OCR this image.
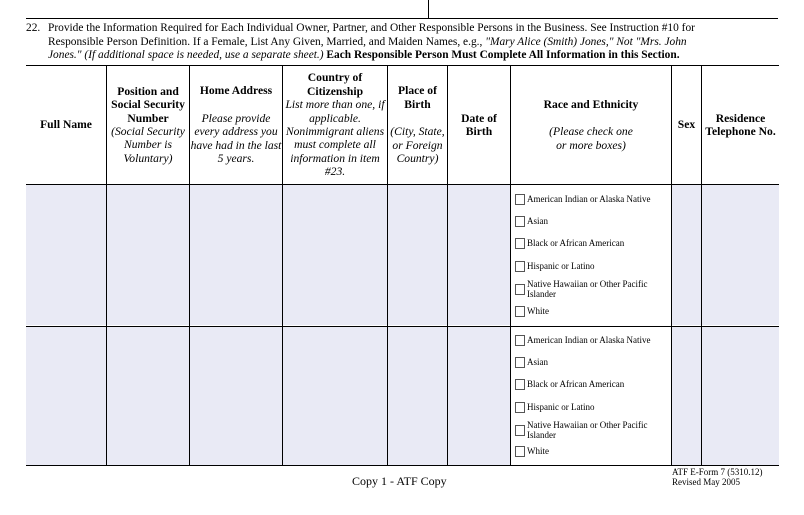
22. Provide the Information Required for Each Individual Owner, Partner, and Other Responsible Persons in the Business. See Instruction #10 for
Responsible Person Definition. If a Female, List Any Given, Married, and Maiden Names, e.g., "Mary Alice (Smith) Jones," Not "Mrs. John
Jones." (If additional space is needed, use a separate sheet.) Each Responsible Person Must Complete All Information in this Section.
Full Name
Position and Social Security Number
(Social Security Number is Voluntary)
Home Address
Please provide every address you have had in the last 5 years.
Country of Citizenship
List more than one, if applicable. Nonimmigrant aliens must complete all information in item #23.
Place of Birth
(City, State, or Foreign Country)
Date of Birth
Race and Ethnicity
(Please check one or more boxes)
Sex
Residence Telephone No.
American Indian or Alaska Native
Asian
Black or African American
Hispanic or Latino
Native Hawaiian or Other Pacific
Islander
White
American Indian or Alaska Native
Asian
Black or African American
Hispanic or Latino
Native Hawaiian or Other Pacific
Islander
White
Copy 1 - ATF Copy
ATF E-Form 7 (5310.12)
Revised May 2005
